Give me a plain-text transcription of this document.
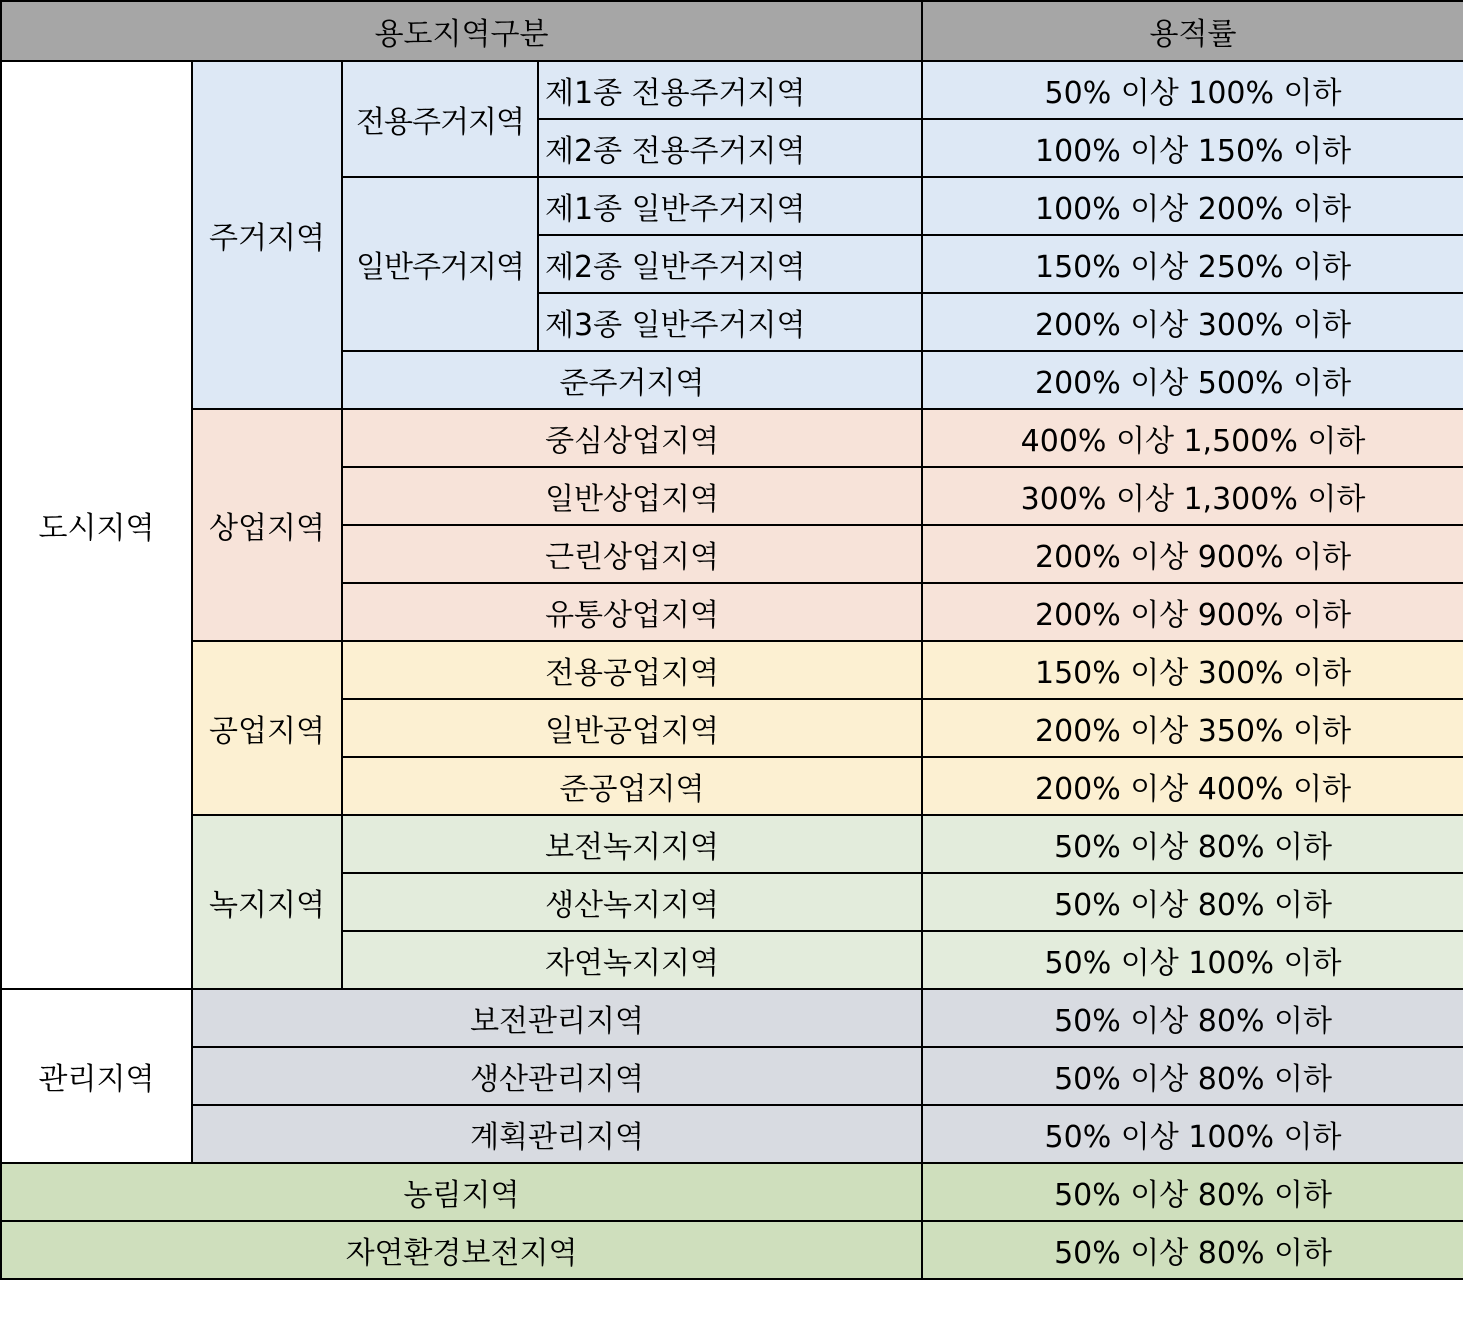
용도지역구분				용적률
도시지역	주거지역	전용주거지역	제1종 전용주거지역	50% 이상 100% 이하
			제2종 전용주거지역	100% 이상 150% 이하
		일반주거지역	제1종 일반주거지역	100% 이상 200% 이하
			제2종 일반주거지역	150% 이상 250% 이하
			제3종 일반주거지역	200% 이상 300% 이하
		준주거지역		200% 이상 500% 이하
	상업지역	중심상업지역		400% 이상 1,500% 이하
		일반상업지역		300% 이상 1,300% 이하
		근린상업지역		200% 이상 900% 이하
		유통상업지역		200% 이상 900% 이하
	공업지역	전용공업지역		150% 이상 300% 이하
		일반공업지역		200% 이상 350% 이하
		준공업지역		200% 이상 400% 이하
	녹지지역	보전녹지지역		50% 이상 80% 이하
		생산녹지지역		50% 이상 80% 이하
		자연녹지지역		50% 이상 100% 이하
관리지역	보전관리지역			50% 이상 80% 이하
	생산관리지역			50% 이상 80% 이하
	계획관리지역			50% 이상 100% 이하
농림지역				50% 이상 80% 이하
자연환경보전지역				50% 이상 80% 이하
